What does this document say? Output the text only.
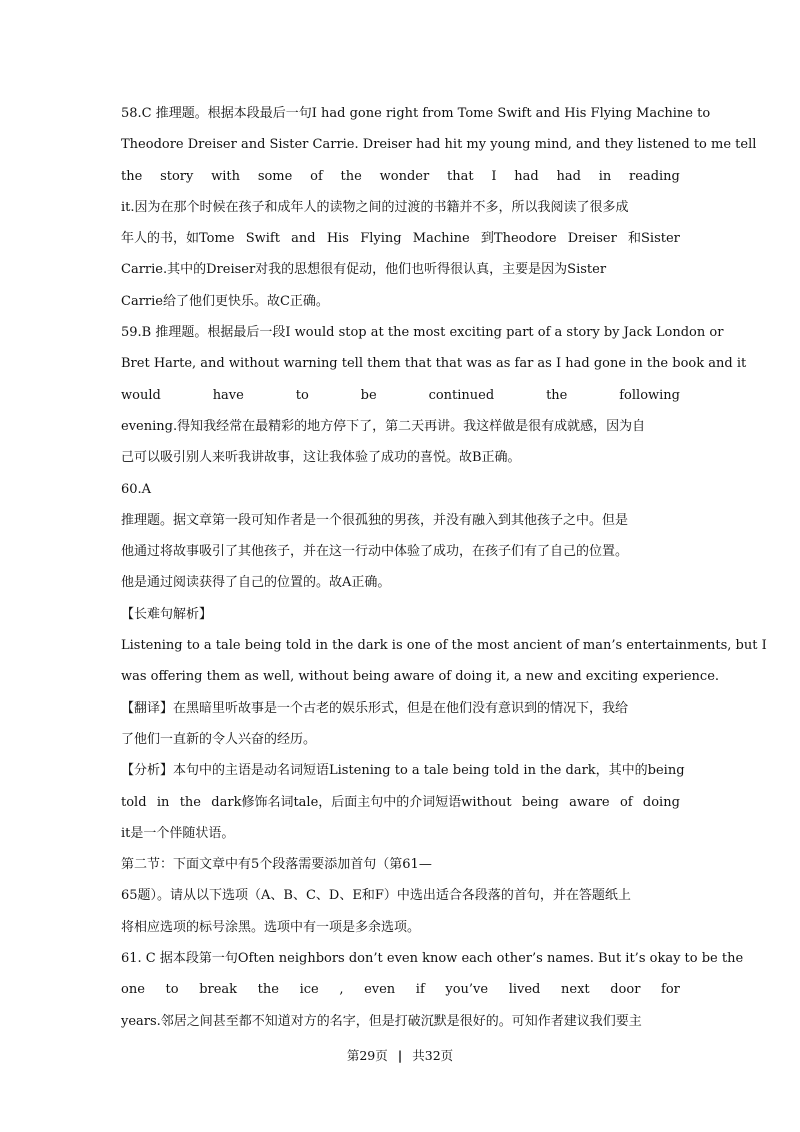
58.C 推理题。根据本段最后一句I had gone right from Tome Swift and His Flying Machine to
Theodore Dreiser and Sister Carrie. Dreiser had hit my young mind, and they listened to me tell
the story with some of the wonder that I had had in reading
it.因为在那个时候在孩子和成年人的读物之间的过渡的书籍并不多，所以我阅读了很多成
年人的书，如Tome Swift and His Flying Machine 到Theodore Dreiser 和Sister
Carrie.其中的Dreiser对我的思想很有促动，他们也听得很认真，主要是因为Sister
Carrie给了他们更快乐。故C正确。
59.B 推理题。根据最后一段I would stop at the most exciting part of a story by Jack London or
Bret Harte, and without warning tell them that that was as far as I had gone in the book and it
would	have	to	be	continued	the	following
evening.得知我经常在最精彩的地方停下了，第二天再讲。我这样做是很有成就感，因为自
己可以吸引别人来听我讲故事，这让我体验了成功的喜悦。故B正确。
60.A
推理题。据文章第一段可知作者是一个很孤独的男孩，并没有融入到其他孩子之中。但是
他通过将故事吸引了其他孩子，并在这一行动中体验了成功，在孩子们有了自己的位置。
他是通过阅读获得了自己的位置的。故A正确。
【长难句解析】
Listening to a tale being told in the dark is one of the most ancient of man’s entertainments, but I
was offering them as well, without being aware of doing it, a new and exciting experience.
【翻译】在黑暗里听故事是一个古老的娱乐形式，但是在他们没有意识到的情况下，我给
了他们一直新的令人兴奋的经历。
【分析】本句中的主语是动名词短语Listening to a tale being told in the dark，其中的being
told in the dark修饰名词tale，后面主句中的介词短语without being aware of doing
it是一个伴随状语。
第二节：下面文章中有5个段落需要添加首句（第61—
65题）。请从以下选项（A、B、C、D、E和F）中选出适合各段落的首句，并在答题纸上
将相应选项的标号涂黑。选项中有一项是多余选项。
61. C 据本段第一句Often neighbors don’t even know each other’s names. But it’s okay to be the
one to break the ice , even if you’ve lived next door for
years.邻居之间甚至都不知道对方的名字，但是打破沉默是很好的。可知作者建议我们要主
第29页 | 共32页
